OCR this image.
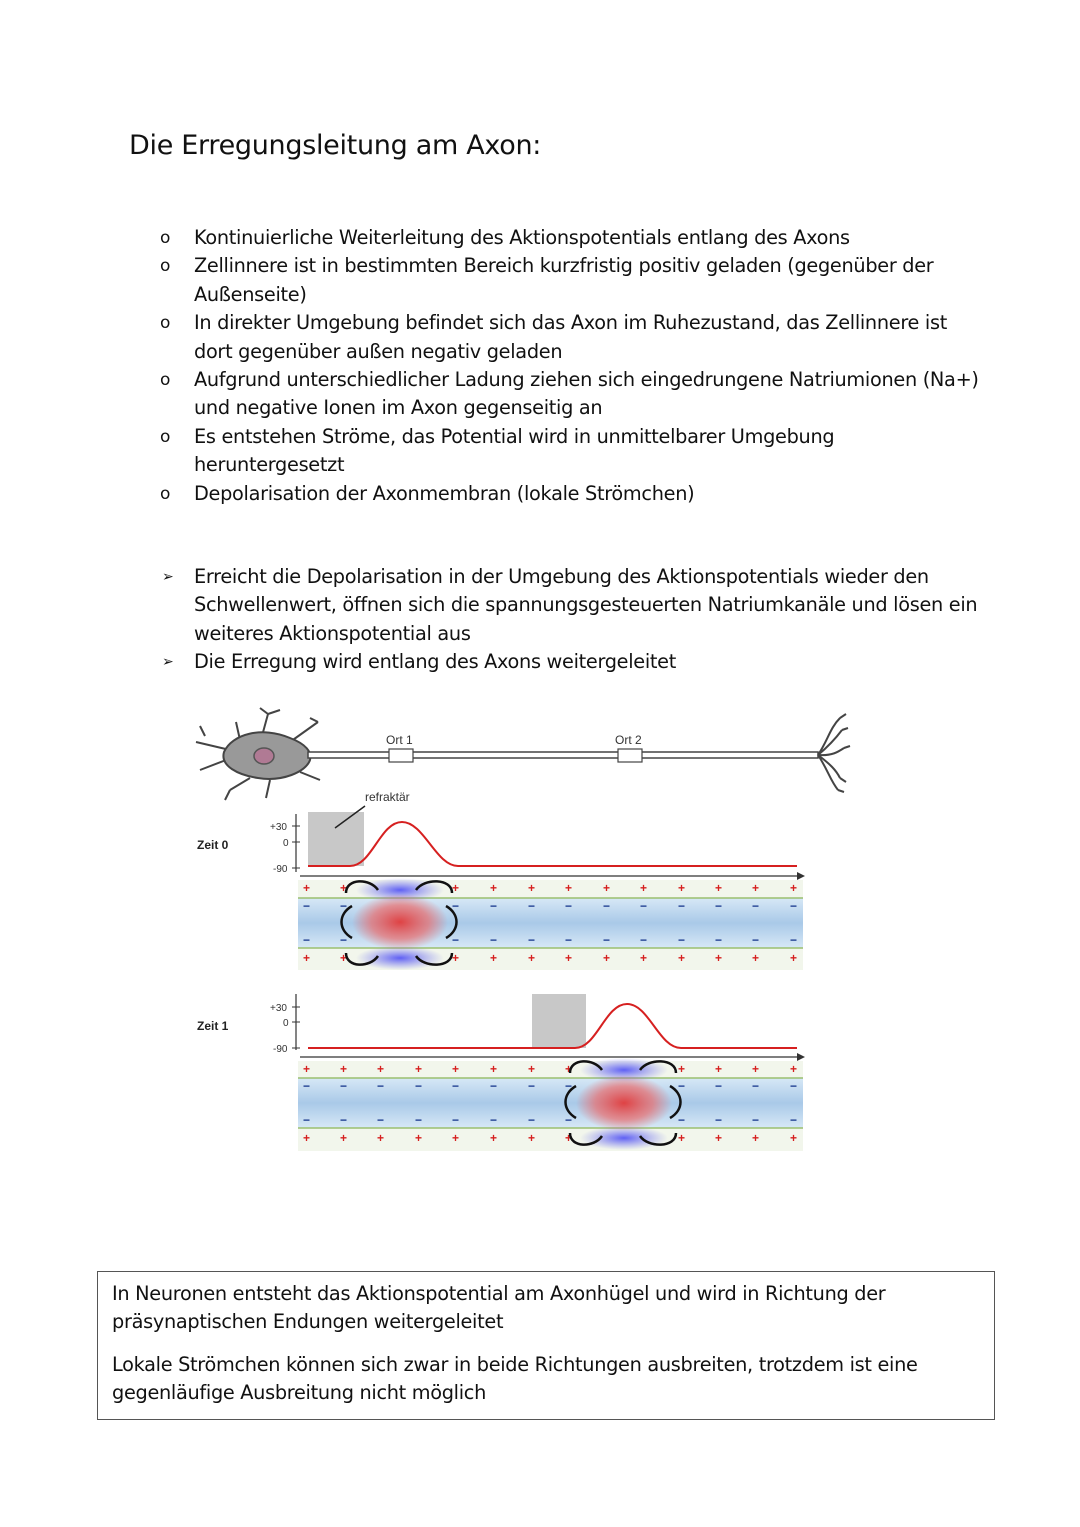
Die Erregungsleitung am Axon:
o Kontinuierliche Weiterleitung des Aktionspotentials entlang des Axons
o Zellinnere ist in bestimmten Bereich kurzfristig positiv geladen (gegenüber der Außenseite)
o In direkter Umgebung befindet sich das Axon im Ruhezustand, das Zellinnere ist dort gegenüber außen negativ geladen
o Aufgrund unterschiedlicher Ladung ziehen sich eingedrungene Natriumionen (Na+) und negative Ionen im Axon gegenseitig an
o Es entstehen Ströme, das Potential wird in unmittelbarer Umgebung heruntergesetzt
o Depolarisation der Axonmembran (lokale Strömchen)
➢ Erreicht die Depolarisation in der Umgebung des Aktionspotentials wieder den Schwellenwert, öffnen sich die spannungsgesteuerten Natriumkanäle und lösen ein weiteres Aktionspotential aus
➢ Die Erregung wird entlang des Axons weitergeleitet
Ort 1	Ort 2
Zeit 0
+30
0
-90
refraktär
+ +	+	+	+ +	+ +	+ + +	+
+ +	+	+	+ +	+ +	+ + +	+
− −	−	−	− −	− −	− − −	−
− −	−	−	− −	− −	− − −	−
Zeit 1
+30
0
-90
+ + +	+ +	+	+ +	+ + +	+
+ + +	+ +	+	+ +	+ + +	+
− − −	− −	−	− −	− − −	−
− − −	− −	−	− −	− − −	−

In Neuronen entsteht das Aktionspotential am Axonhügel und wird in Richtung der präsynaptischen Endungen weitergeleitet

Lokale Strömchen können sich zwar in beide Richtungen ausbreiten, trotzdem ist eine gegenläufige Ausbreitung nicht möglich
